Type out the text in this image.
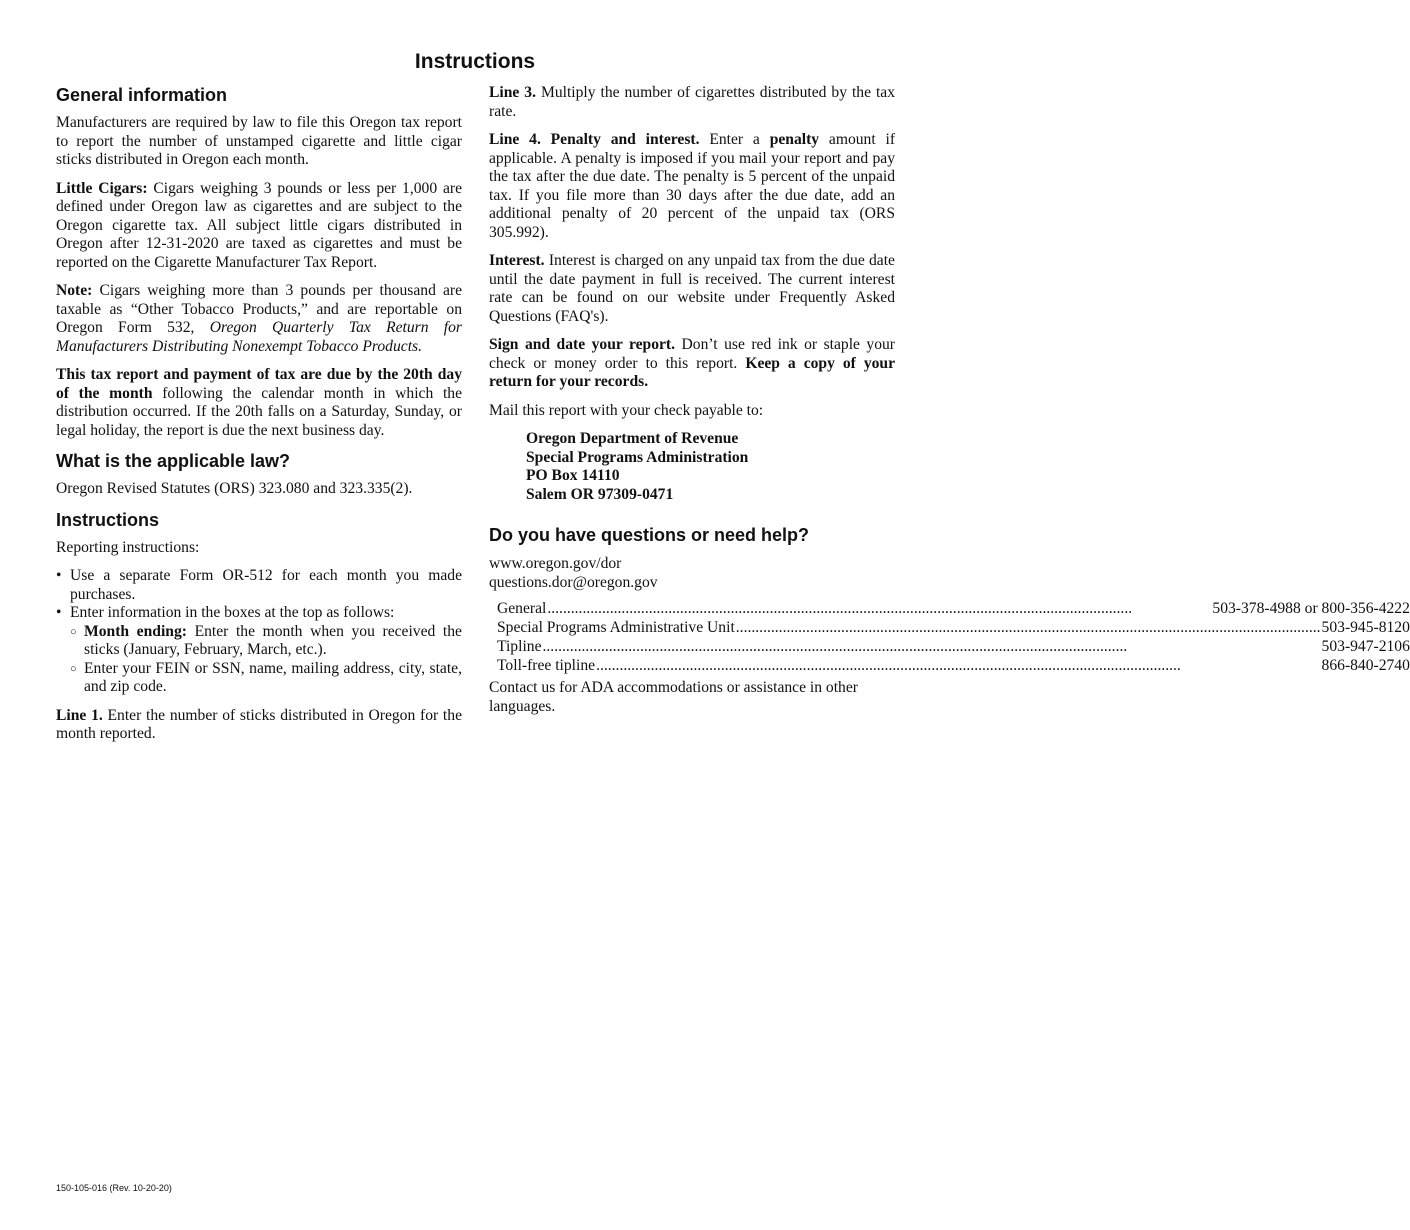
Instructions
General information

Manufacturers are required by law to file this Oregon tax report to report the number of unstamped cigarette and little cigar sticks distributed in Oregon each month.

Little Cigars: Cigars weighing 3 pounds or less per 1,000 are defined under Oregon law as cigarettes and are subject to the Oregon cigarette tax. All subject little cigars distributed in Oregon after 12-31-2020 are taxed as cigarettes and must be reported on the Cigarette Manufacturer Tax Report.

Note: Cigars weighing more than 3 pounds per thousand are taxable as “Other Tobacco Products,” and are reportable on Oregon Form 532, Oregon Quarterly Tax Return for Manufacturers Distributing Nonexempt Tobacco Products.

This tax report and payment of tax are due by the 20th day of the month following the calendar month in which the distribution occurred. If the 20th falls on a Saturday, Sunday, or legal holiday, the report is due the next business day.

What is the applicable law?

Oregon Revised Statutes (ORS) 323.080 and 323.335(2).

Instructions

Reporting instructions:

• Use a separate Form OR-512 for each month you made purchases.
• Enter information in the boxes at the top as follows:
○ Month ending: Enter the month when you received the sticks (January, February, March, etc.).
○ Enter your FEIN or SSN, name, mailing address, city, state, and zip code.

Line 1. Enter the number of sticks distributed in Oregon for the month reported.

Line 3. Multiply the number of cigarettes distributed by the tax rate.

Line 4. Penalty and interest. Enter a penalty amount if applicable. A penalty is imposed if you mail your report and pay the tax after the due date. The penalty is 5 percent of the unpaid tax. If you file more than 30 days after the due date, add an additional penalty of 20 percent of the unpaid tax (ORS 305.992).

Interest. Interest is charged on any unpaid tax from the due date until the date payment in full is received. The current interest rate can be found on our website under Frequently Asked Questions (FAQ's).

Sign and date your report. Don’t use red ink or staple your check or money order to this report. Keep a copy of your return for your records.

Mail this report with your check payable to:

Oregon Department of Revenue
Special Programs Administration
PO Box 14110
Salem OR 97309-0471
Do you have questions or need help?
www.oregon.gov/dor
questions.dor@oregon.gov
General .....	503-378-4988 or 800-356-4222

Special Programs Administrative Unit .....	503-945-8120

Tipline .....	503-947-2106

Toll-free tipline .....	866-840-2740

Contact us for ADA accommodations or assistance in other languages.

150-105-016 (Rev. 10-20-20)
